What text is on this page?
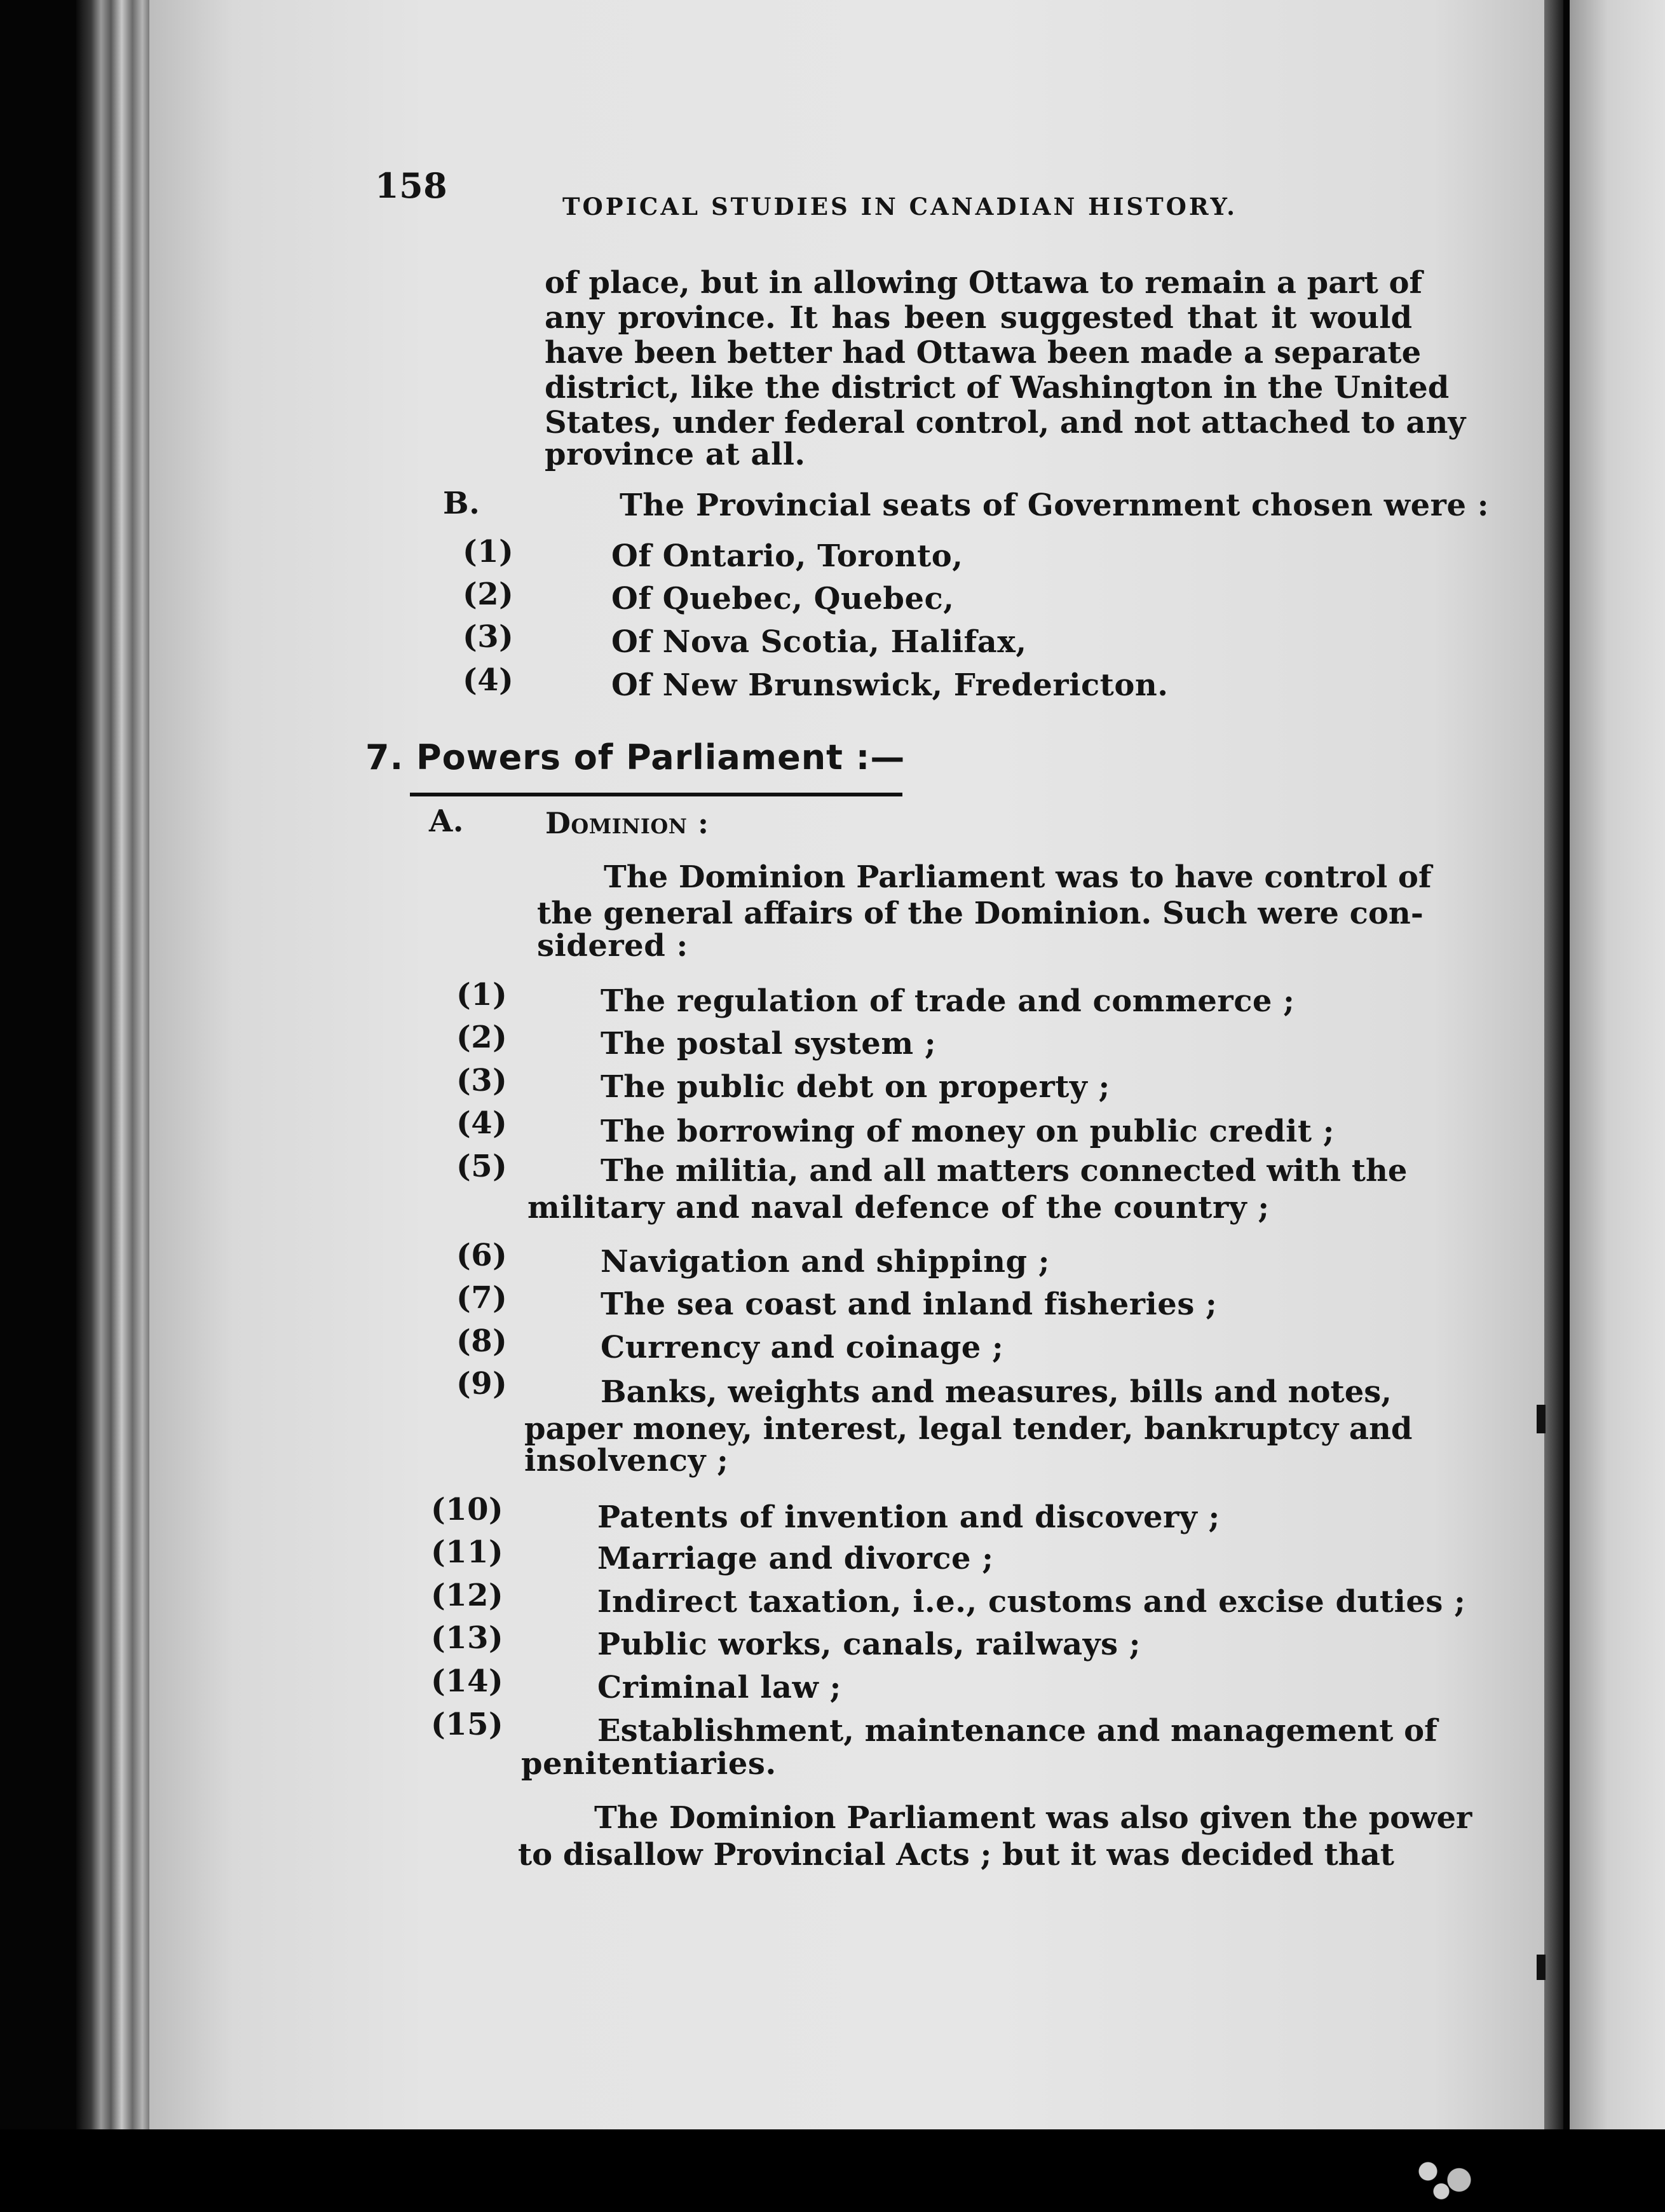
158
TOPICAL STUDIES IN CANADIAN HISTORY.
of place, but in allowing Ottawa to remain a part of
any province. It has been suggested that it would
have been better had Ottawa been made a separate
district, like the district of Washington in the United
States, under federal control, and not attached to any
province at all.
B.	The Provincial seats of Government chosen were :
(1)	Of Ontario, Toronto,
(2)	Of Quebec, Quebec,
(3)	Of Nova Scotia, Halifax,
(4)	Of New Brunswick, Fredericton.
7. Powers of Parliament :—
A.	Dominion :
The Dominion Parliament was to have control of
the general affairs of the Dominion. Such were con-
sidered :
(1)	The regulation of trade and commerce ;
(2)	The postal system ;
(3)	The public debt on property ;
(4)	The borrowing of money on public credit ;
(5)	The militia, and all matters connected with the
military and naval defence of the country ;
(6)	Navigation and shipping ;
(7)	The sea coast and inland fisheries ;
(8)	Currency and coinage ;
(9)	Banks, weights and measures, bills and notes,
paper money, interest, legal tender, bankruptcy and
insolvency ;
(10)	Patents of invention and discovery ;
(11)	Marriage and divorce ;
(12)	Indirect taxation, i.e., customs and excise duties ;
(13)	Public works, canals, railways ;
(14)	Criminal law ;
(15)	Establishment, maintenance and management of
penitentiaries.
The Dominion Parliament was also given the power
to disallow Provincial Acts ; but it was decided that
